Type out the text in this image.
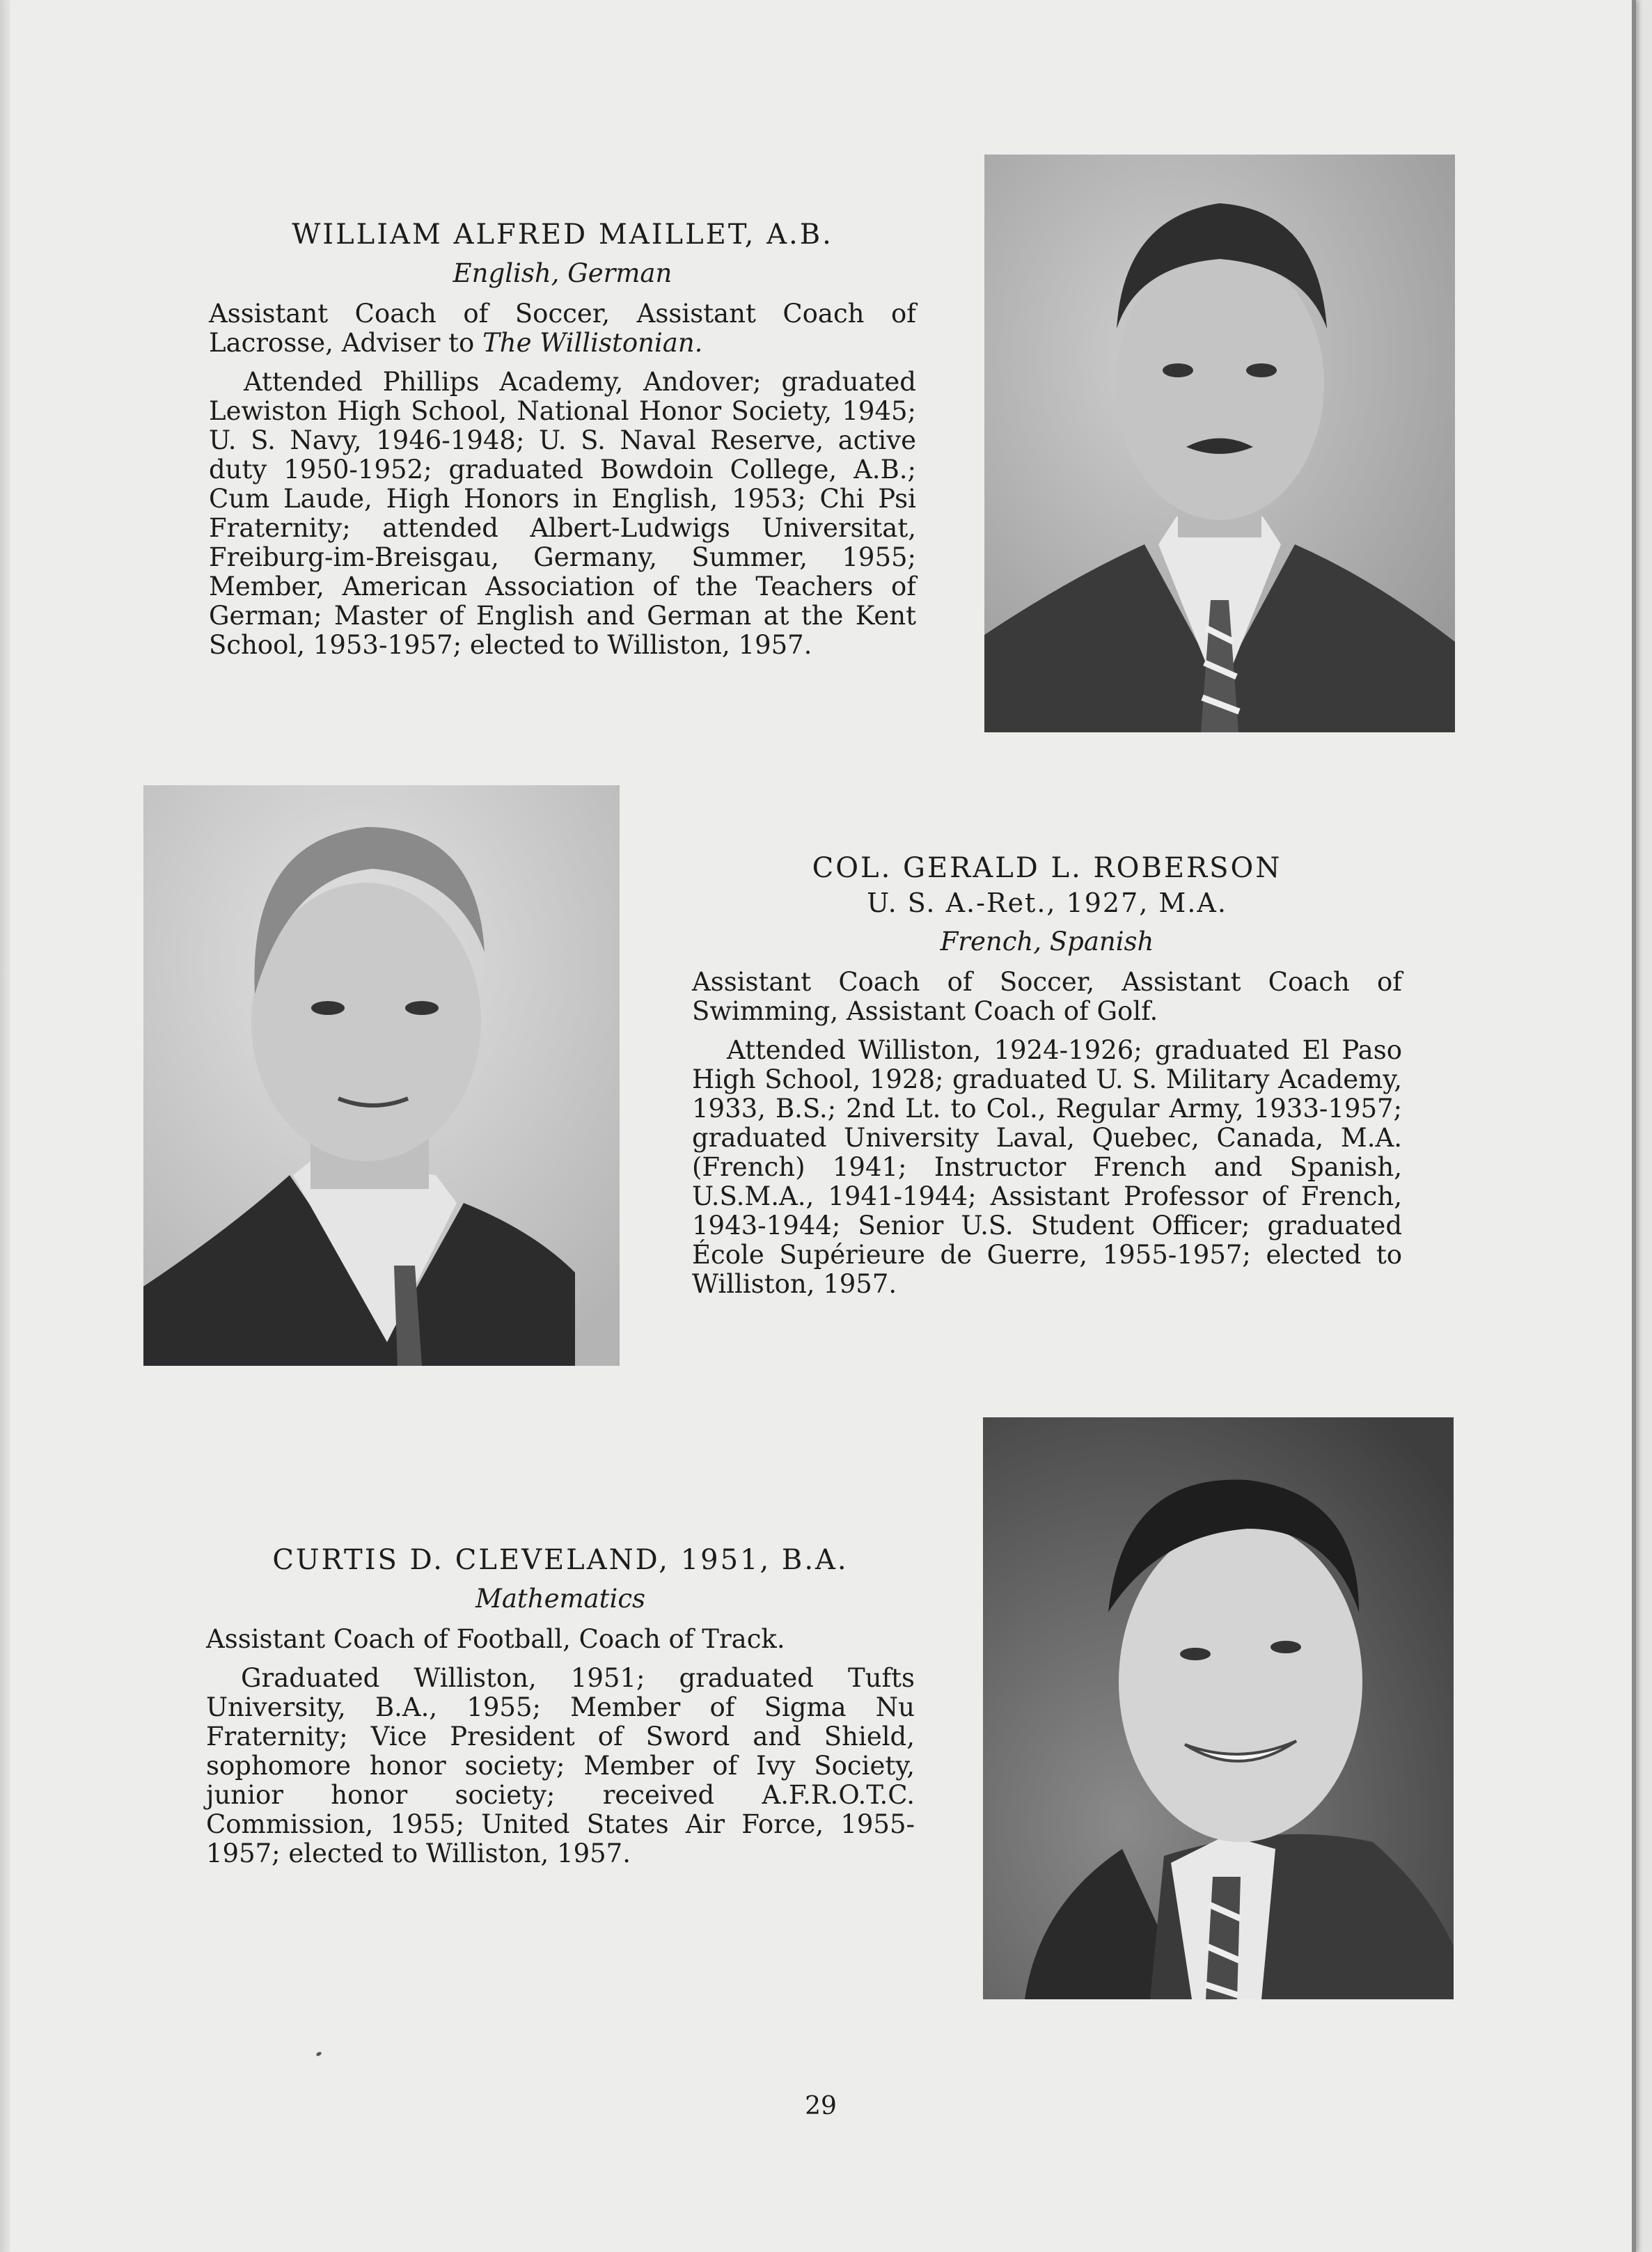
WILLIAM ALFRED MAILLET, A.B.
English, German
Assistant Coach of Soccer, Assistant Coach of Lacrosse, Adviser to The Willistonian.
Attended Phillips Academy, Andover; graduated Lewiston High School, National Honor Society, 1945; U. S. Navy, 1946-1948; U. S. Naval Reserve, active duty 1950-1952; graduated Bowdoin College, A.B.; Cum Laude, High Honors in English, 1953; Chi Psi Fraternity; attended Albert-Ludwigs Universitat, Freiburg-im-Breisgau, Germany, Summer, 1955; Member, American Association of the Teachers of German; Master of English and German at the Kent School, 1953-1957; elected to Williston, 1957.
COL. GERALD L. ROBERSON
U. S. A.-Ret., 1927, M.A.
French, Spanish
Assistant Coach of Soccer, Assistant Coach of Swimming, Assistant Coach of Golf.
Attended Williston, 1924-1926; graduated El Paso High School, 1928; graduated U. S. Military Academy, 1933, B.S.; 2nd Lt. to Col., Regular Army, 1933-1957; graduated University Laval, Quebec, Canada, M.A. (French) 1941; Instructor French and Spanish, U.S.M.A., 1941-1944; Assistant Professor of French, 1943-1944; Senior U.S. Student Officer; graduated École Supérieure de Guerre, 1955-1957; elected to Williston, 1957.
CURTIS D. CLEVELAND, 1951, B.A.
Mathematics
Assistant Coach of Football, Coach of Track.
Graduated Williston, 1951; graduated Tufts University, B.A., 1955; Member of Sigma Nu Fraternity; Vice President of Sword and Shield, sophomore honor society; Member of Ivy Society, junior honor society; received A.F.R.O.T.C. Commission, 1955; United States Air Force, 1955-1957; elected to Williston, 1957.
29
